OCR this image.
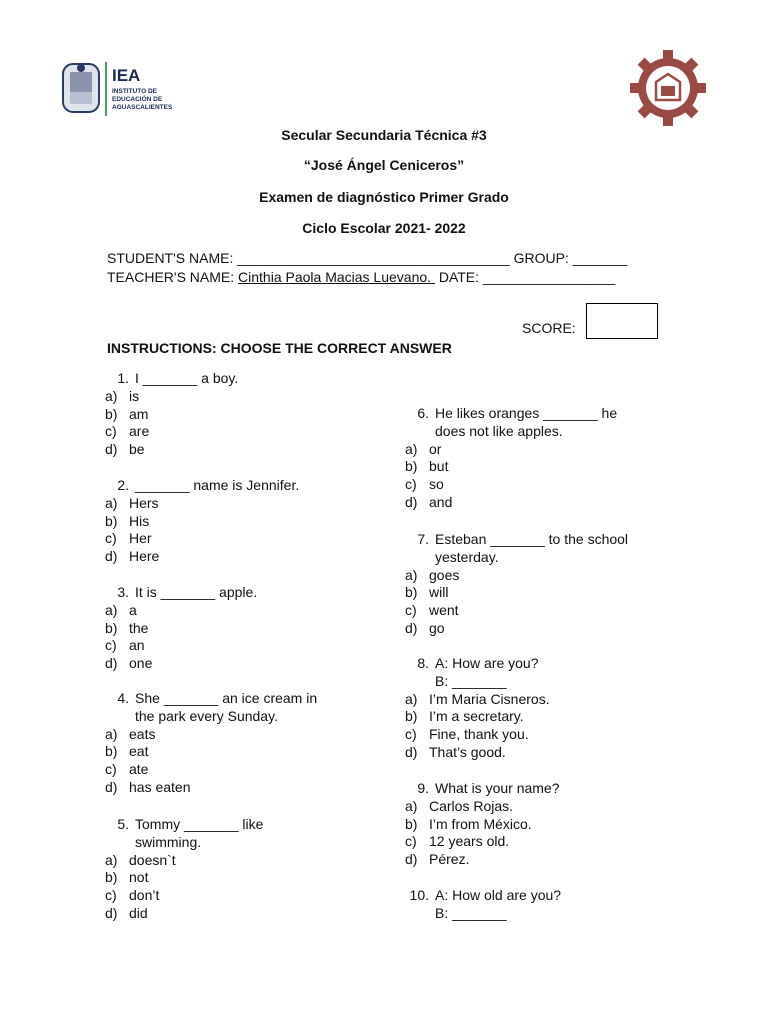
IEA
INSTITUTO DE EDUCACIÓN DE AGUASCALIENTES
Secular Secundaria Técnica #3
“José Ángel Ceniceros”
Examen de diagnóstico Primer Grado
Ciclo Escolar 2021- 2022
STUDENT'S NAME: ___________________________________ GROUP: _______
TEACHER'S NAME: Cinthia Paola Macias Luevano.  DATE: _________________
SCORE:
INSTRUCTIONS: CHOOSE THE CORRECT ANSWER
1. I _______ a boy.
a) is
b) am
c) are
d) be
2. _______ name is Jennifer.
a) Hers
b) His
c) Her
d) Here
3. It is _______ apple.
a) a
b) the
c) an
d) one
4. She _______ an ice cream in
the park every Sunday.
a) eats
b) eat
c) ate
d) has eaten
5. Tommy _______ like
swimming.
a) doesn`t
b) not
c) don’t
d) did
6. He likes oranges _______ he
does not like apples.
a) or
b) but
c) so
d) and
7. Esteban _______ to the school
yesterday.
a) goes
b) will
c) went
d) go
8. A: How are you?
B: _______
a) I’m Maria Cisneros.
b) I’m a secretary.
c) Fine, thank you.
d) That’s good.
9. What is your name?
a) Carlos Rojas.
b) I’m from México.
c) 12 years old.
d) Pérez.
10. A: How old are you?
B: _______
